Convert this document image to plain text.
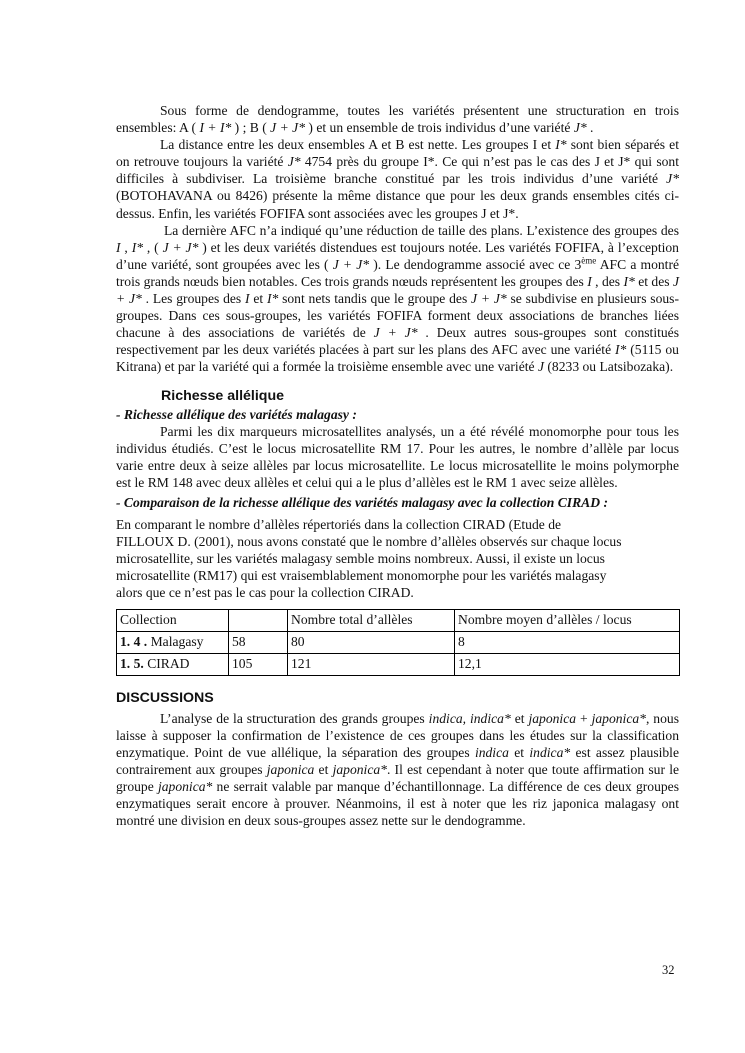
Sous forme de dendogramme, toutes les variétés présentent une structuration en trois ensembles: A ( I + I* ) ; B ( J + J* ) et un ensemble de trois individus d’une variété J* .

La distance entre les deux ensembles A et B est nette. Les groupes I et I* sont bien séparés et on retrouve toujours la variété J* 4754 près du groupe I*. Ce qui n’est pas le cas des J et J* qui sont difficiles à subdiviser. La troisième branche constitué par les trois individus d’une variété J* (BOTOHAVANA ou 8426) présente la même distance que pour les deux grands ensembles cités ci-dessus. Enfin, les variétés FOFIFA sont associées avec les groupes J et J*.

La dernière AFC n’a indiqué qu’une réduction de taille des plans. L’existence des groupes des I , I* , ( J + J* ) et les deux variétés distendues est toujours notée. Les variétés FOFIFA, à l’exception d’une variété, sont groupées avec les ( J + J* ). Le dendogramme associé avec ce 3ème AFC a montré trois grands nœuds bien notables. Ces trois grands nœuds représentent les groupes des I , des I* et des J + J* . Les groupes des I et I* sont nets tandis que le groupe des J + J* se subdivise en plusieurs sous-groupes. Dans ces sous-groupes, les variétés FOFIFA forment deux associations de branches liées chacune à des associations de variétés de J + J* . Deux autres sous-groupes sont constitués respectivement par les deux variétés placées à part sur les plans des AFC avec une variété I* (5115 ou Kitrana) et par la variété qui a formée la troisième ensemble avec une variété J (8233 ou Latsibozaka).

Richesse allélique
- Richesse allélique des variétés malagasy :

Parmi les dix marqueurs microsatellites analysés, un a été révélé monomorphe pour tous les individus étudiés. C’est le locus microsatellite RM 17. Pour les autres, le nombre d’allèle par locus varie entre deux à seize allèles par locus microsatellite. Le locus microsatellite le moins polymorphe est le RM 148 avec deux allèles et celui qui a le plus d’allèles est le RM 1 avec seize allèles.

- Comparaison de la richesse allélique des variétés malagasy avec la collection CIRAD :

En comparant le nombre d’allèles répertoriés dans la collection CIRAD (Etude de

FILLOUX D. (2001), nous avons constaté que le nombre d’allèles observés sur chaque locus

microsatellite, sur les variétés malagasy semble moins nombreux. Aussi, il existe un locus

microsatellite (RM17) qui est vraisemblablement monomorphe pour les variétés malagasy

alors que ce n’est pas le cas pour la collection CIRAD.

Collection		Nombre total d’allèles	Nombre moyen d’allèles / locus
1. 4 . Malagasy	58	80	8
1. 5. CIRAD	105	121	12,1
DISCUSSIONS

L’analyse de la structuration des grands groupes indica, indica* et japonica + japonica*, nous laisse à supposer la confirmation de l’existence de ces groupes dans les études sur la classification enzymatique. Point de vue allélique, la séparation des groupes indica et indica* est assez plausible contrairement aux groupes japonica et japonica*. Il est cependant à noter que toute affirmation sur le groupe japonica* ne serrait valable par manque d’échantillonnage. La différence de ces deux groupes enzymatiques serait encore à prouver. Néanmoins, il est à noter que les riz japonica malagasy ont montré une division en deux sous-groupes assez nette sur le dendogramme.

32
